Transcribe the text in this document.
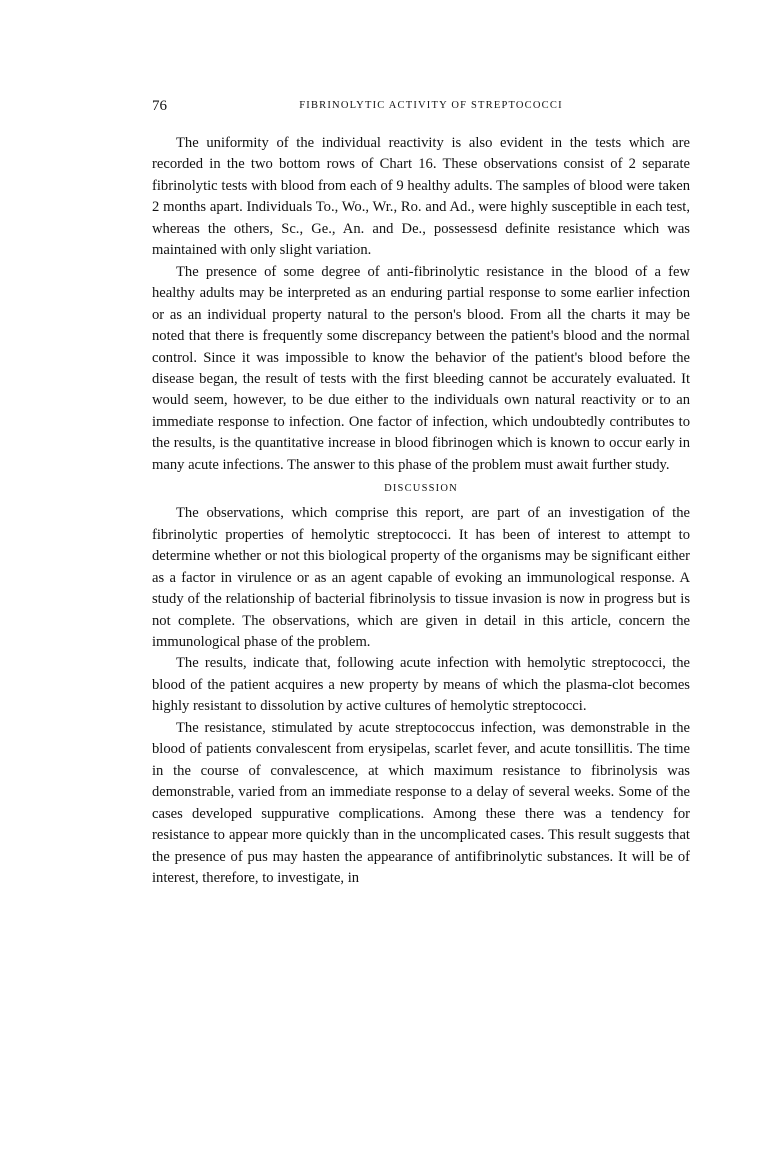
76	FIBRINOLYTIC ACTIVITY OF STREPTOCOCCI

The uniformity of the individual reactivity is also evident in the tests which are recorded in the two bottom rows of Chart 16. These observations consist of 2 separate fibrinolytic tests with blood from each of 9 healthy adults. The samples of blood were taken 2 months apart. Individuals To., Wo., Wr., Ro. and Ad., were highly susceptible in each test, whereas the others, Sc., Ge., An. and De., possessesd definite resistance which was maintained with only slight variation.

The presence of some degree of anti-fibrinolytic resistance in the blood of a few healthy adults may be interpreted as an enduring partial response to some earlier infection or as an individual property natural to the person's blood. From all the charts it may be noted that there is frequently some discrepancy between the patient's blood and the normal control. Since it was impossible to know the behavior of the patient's blood before the disease began, the result of tests with the first bleeding cannot be accurately evaluated. It would seem, however, to be due either to the individuals own natural reactivity or to an immediate response to infection. One factor of infection, which undoubtedly contributes to the results, is the quantitative increase in blood fibrinogen which is known to occur early in many acute infections. The answer to this phase of the problem must await further study.

DISCUSSION

The observations, which comprise this report, are part of an investigation of the fibrinolytic properties of hemolytic streptococci. It has been of interest to attempt to determine whether or not this biological property of the organisms may be significant either as a factor in virulence or as an agent capable of evoking an immunological response. A study of the relationship of bacterial fibrinolysis to tissue invasion is now in progress but is not complete. The observations, which are given in detail in this article, concern the immunological phase of the problem.

The results, indicate that, following acute infection with hemolytic streptococci, the blood of the patient acquires a new property by means of which the plasma-clot becomes highly resistant to dissolution by active cultures of hemolytic streptococci.

The resistance, stimulated by acute streptococcus infection, was demonstrable in the blood of patients convalescent from erysipelas, scarlet fever, and acute tonsillitis. The time in the course of convalescence, at which maximum resistance to fibrinolysis was demonstrable, varied from an immediate response to a delay of several weeks. Some of the cases developed suppurative complications. Among these there was a tendency for resistance to appear more quickly than in the uncomplicated cases. This result suggests that the presence of pus may hasten the appearance of antifibrinolytic substances. It will be of interest, therefore, to investigate, in
